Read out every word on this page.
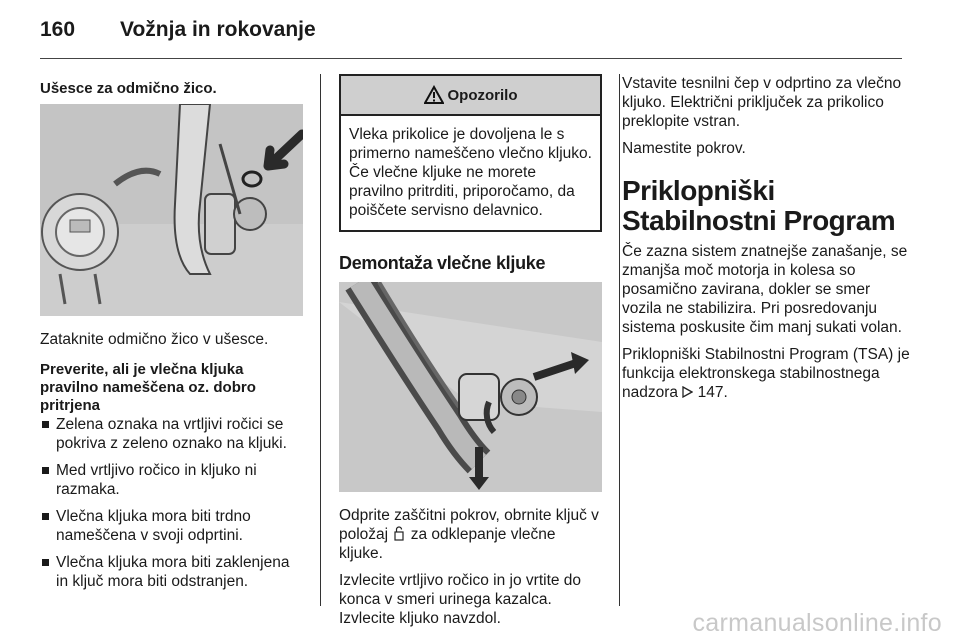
160	Vožnja in rokovanje
Ušesce za odmično žico.

Zataknite odmično žico v ušesce.

Preverite, ali je vlečna kljuka pravilno nameščena oz. dobro pritrjena
Zelena oznaka na vrtljivi ročici se pokriva z zeleno oznako na kljuki.
Med vrtljivo ročico in kljuko ni razmaka.
Vlečna kljuka mora biti trdno nameščena v svoji odprtini.
Vlečna kljuka mora biti zaklenjena in ključ mora biti odstranjen.
Opozorilo
Vleka prikolice je dovoljena le s primerno nameščeno vlečno kljuko. Če vlečne kljuke ne morete pravilno pritrditi, priporočamo, da poiščete servisno delavnico.
Demontaža vlečne kljuke

Odprite zaščitni pokrov, obrnite ključ v položaj za odklepanje vlečne kljuke.

Izvlecite vrtljivo ročico in jo vrtite do konca v smeri urinega kazalca. Izvlecite kljuko navzdol.

Vstavite tesnilni čep v odprtino za vlečno kljuko. Električni priključek za prikolico preklopite vstran.

Namestite pokrov.

Priklopniški Stabilnostni Program

Če zazna sistem znatnejše zanašanje, se zmanjša moč motorja in kolesa so posamično zavirana, dokler se smer vozila ne stabilizira. Pri posredovanju sistema poskusite čim manj sukati volan.

Priklopniški Stabilnostni Program (TSA) je funkcija elektronskega stabilnostnega nadzora 147.

carmanualsonline.info
